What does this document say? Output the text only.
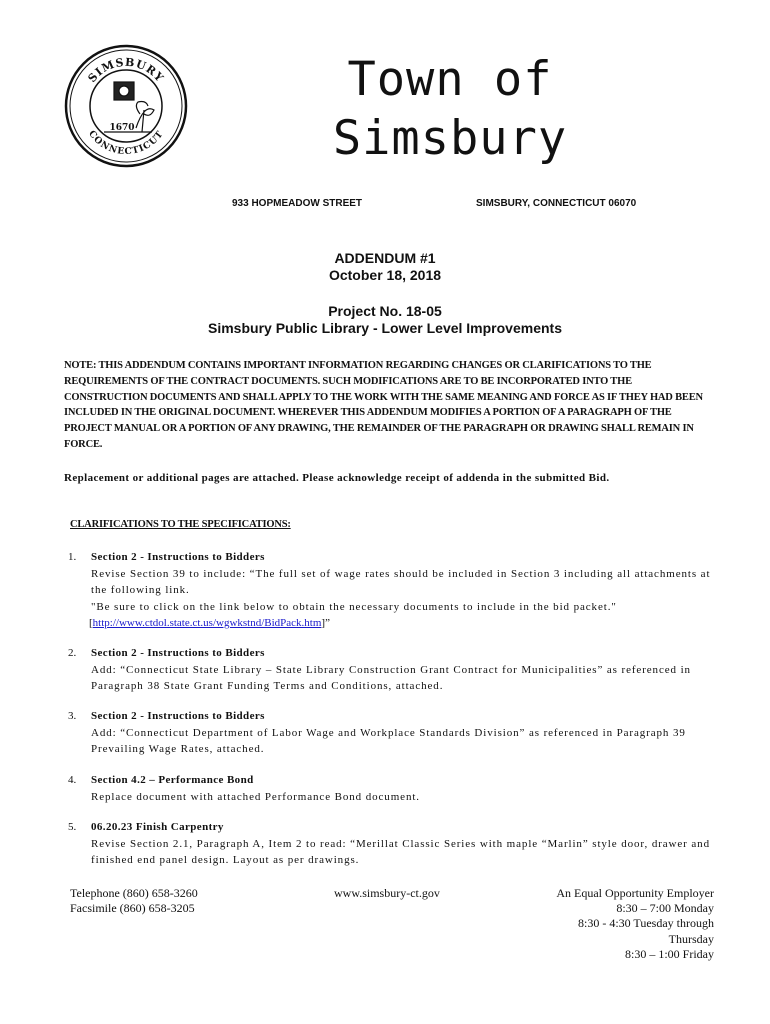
SIMSBURY
CONNECTICUT
1670
Town of
Simsbury
933 HOPMEADOW STREET	SIMSBURY, CONNECTICUT 06070
ADDENDUM #1
October 18, 2018
Project No. 18-05
Simsbury Public Library - Lower Level Improvements
NOTE: THIS ADDENDUM CONTAINS IMPORTANT INFORMATION REGARDING CHANGES OR CLARIFICATIONS TO THE REQUIREMENTS OF THE CONTRACT DOCUMENTS. SUCH MODIFICATIONS ARE TO BE INCORPORATED INTO THE CONSTRUCTION DOCUMENTS AND SHALL APPLY TO THE WORK WITH THE SAME MEANING AND FORCE AS IF THEY HAD BEEN INCLUDED IN THE ORIGINAL DOCUMENT. WHEREVER THIS ADDENDUM MODIFIES A PORTION OF A PARAGRAPH OF THE PROJECT MANUAL OR A PORTION OF ANY DRAWING, THE REMAINDER OF THE PARAGRAPH OR DRAWING SHALL REMAIN IN FORCE.
Replacement or additional pages are attached. Please acknowledge receipt of addenda in the submitted Bid.
CLARIFICATIONS TO THE SPECIFICATIONS:
1. Section 2 - Instructions to Bidders
Revise Section 39 to include: “The full set of wage rates should be included in Section 3 including all attachments at the following link.
"Be sure to click on the link below to obtain the necessary documents to include in the bid packet."
[http://www.ctdol.state.ct.us/wgwkstnd/BidPack.htm]”
2. Section 2 - Instructions to Bidders
Add: “Connecticut State Library – State Library Construction Grant Contract for Municipalities” as referenced in Paragraph 38 State Grant Funding Terms and Conditions, attached.
3. Section 2 - Instructions to Bidders
Add: “Connecticut Department of Labor Wage and Workplace Standards Division” as referenced in Paragraph 39 Prevailing Wage Rates, attached.
4. Section 4.2 – Performance Bond
Replace document with attached Performance Bond document.
5. 06.20.23 Finish Carpentry
Revise Section 2.1, Paragraph A, Item 2 to read: “Merillat Classic Series with maple “Marlin” style door, drawer and finished end panel design. Layout as per drawings.
Telephone (860) 658-3260
Facsimile (860) 658-3205
www.simsbury-ct.gov	An Equal Opportunity Employer
8:30 – 7:00 Monday
8:30 - 4:30 Tuesday through
Thursday
8:30 – 1:00 Friday
